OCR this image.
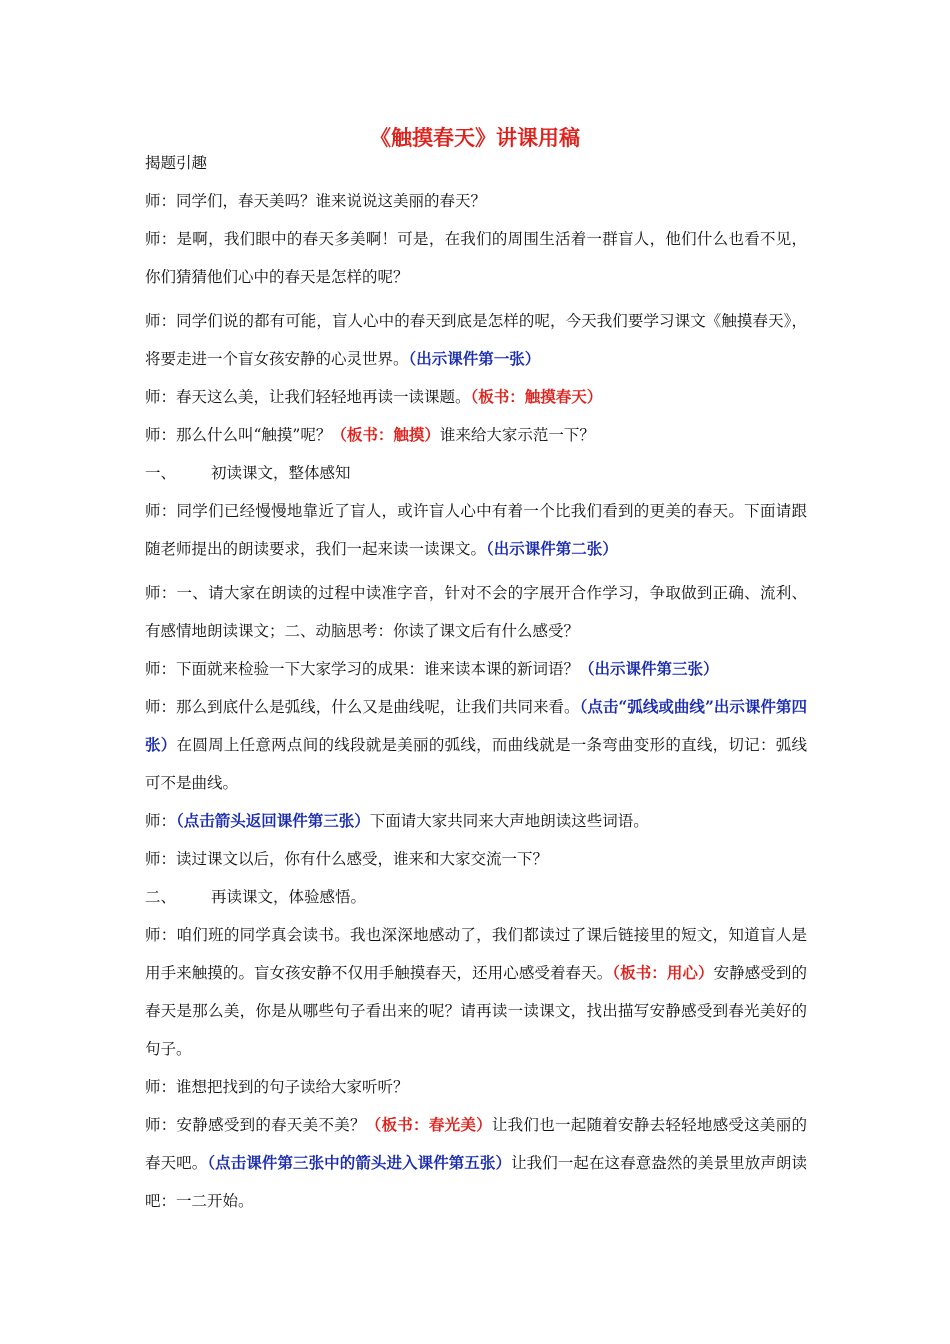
《触摸春天》讲课用稿

揭题引趣

师：同学们，春天美吗？谁来说说这美丽的春天？

师：是啊，我们眼中的春天多美啊！可是，在我们的周围生活着一群盲人，他们什么也看不见，你们猜猜他们心中的春天是怎样的呢？

师：同学们说的都有可能，盲人心中的春天到底是怎样的呢，今天我们要学习课文《触摸春天》，将要走进一个盲女孩安静的心灵世界。（出示课件第一张）

师：春天这么美，让我们轻轻地再读一读课题。（板书：触摸春天）

师：那么什么叫“触摸”呢？（板书：触摸）谁来给大家示范一下？

一、 初读课文，整体感知

师：同学们已经慢慢地靠近了盲人，或许盲人心中有着一个比我们看到的更美的春天。下面请跟随老师提出的朗读要求，我们一起来读一读课文。（出示课件第二张）

师：一、请大家在朗读的过程中读准字音，针对不会的字展开合作学习，争取做到正确、流利、有感情地朗读课文；二、动脑思考：你读了课文后有什么感受？

师：下面就来检验一下大家学习的成果：谁来读本课的新词语？（出示课件第三张）

师：那么到底什么是弧线，什么又是曲线呢，让我们共同来看。（点击“弧线或曲线”出示课件第四张）在圆周上任意两点间的线段就是美丽的弧线，而曲线就是一条弯曲变形的直线，切记：弧线可不是曲线。

师：（点击箭头返回课件第三张）下面请大家共同来大声地朗读这些词语。

师：读过课文以后，你有什么感受，谁来和大家交流一下？

二、 再读课文，体验感悟。

师：咱们班的同学真会读书。我也深深地感动了，我们都读过了课后链接里的短文，知道盲人是用手来触摸的。盲女孩安静不仅用手触摸春天，还用心感受着春天。（板书：用心）安静感受到的春天是那么美，你是从哪些句子看出来的呢？请再读一读课文，找出描写安静感受到春光美好的句子。

师：谁想把找到的句子读给大家听听？

师：安静感受到的春天美不美？（板书：春光美）让我们也一起随着安静去轻轻地感受这美丽的春天吧。（点击课件第三张中的箭头进入课件第五张）让我们一起在这春意盎然的美景里放声朗读吧：一二开始。
